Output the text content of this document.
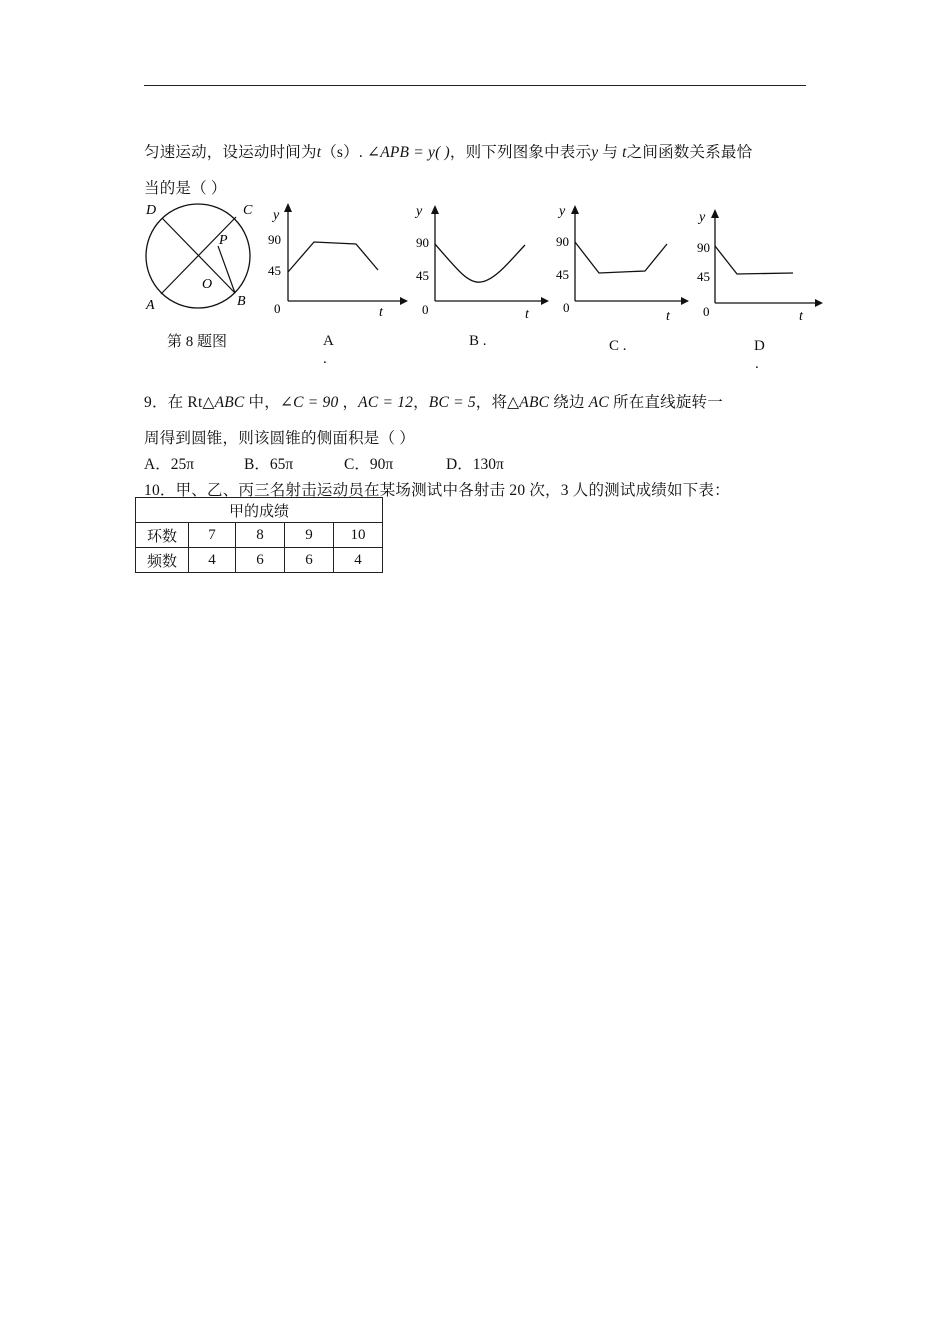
匀速运动，设运动时间为t（s）. ∠APB = y( )，则下列图象中表示y 与 t之间函数关系最恰
当的是（ ）
D	C
P
O
A	B
第 8 题图
y
90
45
0	t
A
.
y
90
45
0	t
B .
y
90
45
0
t
C .
y
90
45
0	t
D
.
9．在 Rt△ABC 中，∠C = 90 ，AC = 12，BC = 5，将△ABC 绕边 AC 所在直线旋转一
周得到圆锥，则该圆锥的侧面积是（ ）
A．25π	B．65π	C．90π	D．130π
10．甲、乙、丙三名射击运动员在某场测试中各射击 20 次，3 人的测试成绩如下表：
甲的成绩				
环数	7	8	9	10
频数	4	6	6	4
